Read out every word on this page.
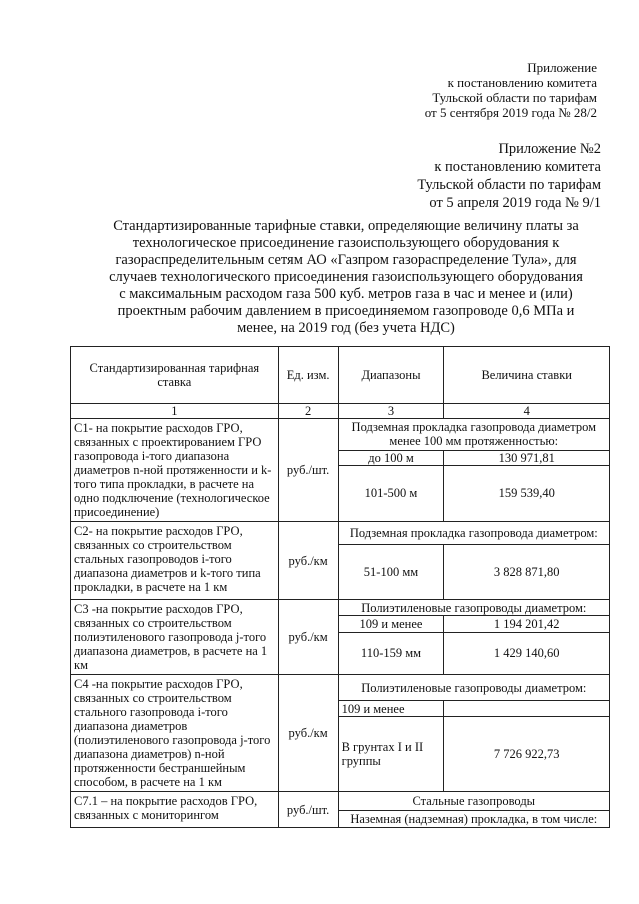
Приложение
к постановлению комитета
Тульской области по тарифам
от 5 сентября 2019 года № 28/2
Приложение №2
к постановлению комитета
Тульской области по тарифам
от 5 апреля 2019 года № 9/1
Стандартизированные тарифные ставки, определяющие величину платы за
технологическое присоединение газоиспользующего оборудования к
газораспределительным сетям АО «Газпром газораспределение Тула», для
случаев технологического присоединения газоиспользующего оборудования
с максимальным расходом газа 500 куб. метров газа в час и менее и (или)
проектным рабочим давлением в присоединяемом газопроводе 0,6 МПа и
менее, на 2019 год (без учета НДС)
Стандартизированная тарифная ставка	Ед. изм.	Диапазоны	Величина ставки
1	2	3	4
С1- на покрытие расходов ГРО, связанных с проектированием ГРО газопровода i-того диапазона диаметров n-ной протяженности и k-того типа прокладки, в расчете на одно подключение (технологическое присоединение)	руб./шт.	Подземная прокладка газопровода диаметром менее 100 мм протяженностью:	
		до 100 м	130 971,81
		101-500 м	159 539,40
С2- на покрытие расходов ГРО, связанных со строительством стальных газопроводов i-того диапазона диаметров и k-того типа прокладки, в расчете на 1 км	руб./км	Подземная прокладка газопровода диаметром:	
		51-100 мм	3 828 871,80
С3 -на покрытие расходов ГРО, связанных со строительством полиэтиленового газопровода j-того диапазона диаметров, в расчете на 1 км	руб./км	Полиэтиленовые газопроводы диаметром:	
		109 и менее	1 194 201,42
		110-159 мм	1 429 140,60
С4 -на покрытие расходов ГРО, связанных со строительством стального газопровода i-того диапазона диаметров (полиэтиленового газопровода j-того диапазона диаметров) n-ной протяженности бестраншейным способом, в расчете на 1 км	руб./км	Полиэтиленовые газопроводы диаметром:	
		109 и менее	
		В грунтах I и II группы	7 726 922,73
С7.1 – на покрытие расходов ГРО, связанных с мониторингом	руб./шт.	Стальные газопроводы	
		Наземная (надземная) прокладка, в том числе:	
